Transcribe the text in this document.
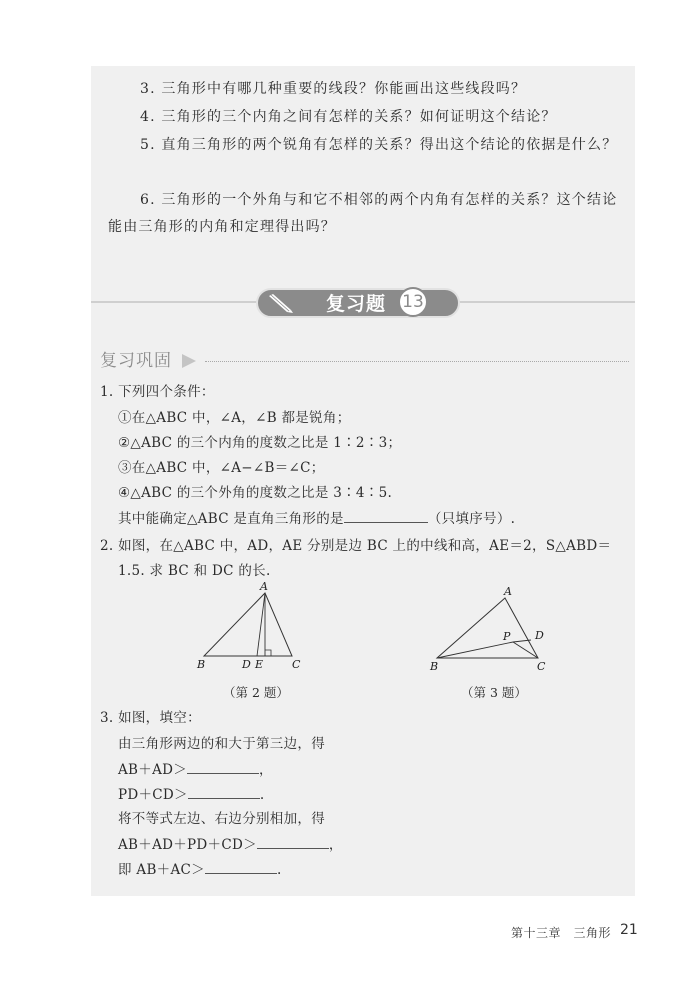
3. 三角形中有哪几种重要的线段？你能画出这些线段吗？

4. 三角形的三个内角之间有怎样的关系？如何证明这个结论？

5. 直角三角形的两个锐角有怎样的关系？得出这个结论的依据是什么？

6. 三角形的一个外角与和它不相邻的两个内角有怎样的关系？这个结论能由三角形的内角和定理得出吗？

复习题 13
复习巩固
1. 下列四个条件：
①在△ABC 中，∠A，∠B 都是锐角；
②△ABC 的三个内角的度数之比是 1∶2∶3；
③在△ABC 中，∠A−∠B＝∠C；
④△ABC 的三个外角的度数之比是 3∶4∶5.
其中能确定△ABC 是直角三角形的是	（只填序号）.
2. 如图，在△ABC 中，AD，AE 分别是边 BC 上的中线和高，AE＝2，S△ABD＝
1.5. 求 BC 和 DC 的长.
A
B	D E	C
（第 2 题）
A
B
P D
C
（第 3 题）
3. 如图，填空：
由三角形两边的和大于第三边，得
AB＋AD＞	，
PD＋CD＞	.
将不等式左边、右边分别相加，得
AB＋AD＋PD＋CD＞	，
即 AB＋AC＞	.
第十三章　三角形 21
